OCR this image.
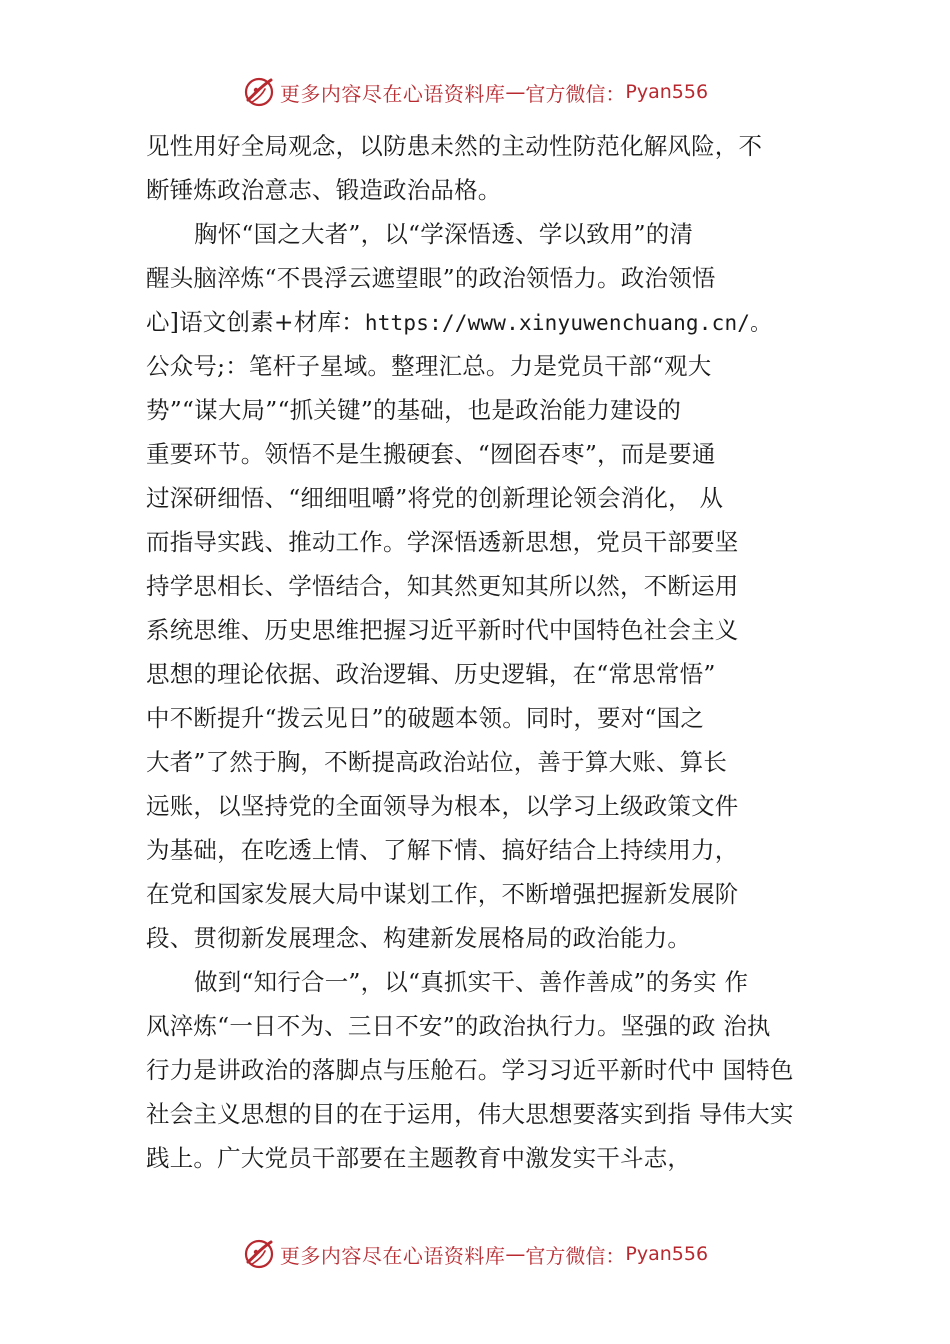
更多内容尽在心语资料库 — 官方微信： Pyan556
见性用好全局观念，以防患未然的主动性防范化解风险，不
断锤炼政治意志、锻造政治品格。
胸怀“国之大者”，以“学深悟透、学以致用”的清
醒头脑淬炼“不畏浮云遮望眼”的政治领悟力。政治领悟
心]语文创素+材库：https://www.xinyuwenchuang.cn/。
公众号;：笔杆子星域。整理汇总。力是党员干部“观大
势”“谋大局”“抓关键”的基础，也是政治能力建设的
重要环节。领悟不是生搬硬套、“囫囵吞枣”，而是要通
过深研细悟、“细细咀嚼”将党的创新理论领会消化， 从
而指导实践、推动工作。学深悟透新思想，党员干部要坚
持学思相长、学悟结合，知其然更知其所以然，不断运用
系统思维、历史思维把握习近平新时代中国特色社会主义
思想的理论依据、政治逻辑、历史逻辑，在“常思常悟”
中不断提升“拨云见日”的破题本领。同时，要对“国之
大者”了然于胸，不断提高政治站位，善于算大账、算长
远账，以坚持党的全面领导为根本，以学习上级政策文件
为基础，在吃透上情、了解下情、搞好结合上持续用力，
在党和国家发展大局中谋划工作，不断增强把握新发展阶
段、贯彻新发展理念、构建新发展格局的政治能力。
做到“知行合一”，以“真抓实干、善作善成”的务实 作
风淬炼“一日不为、三日不安”的政治执行力。坚强的政 治执
行力是讲政治的落脚点与压舱石。学习习近平新时代中 国特色
社会主义思想的目的在于运用，伟大思想要落实到指 导伟大实
践上。广大党员干部要在主题教育中激发实干斗志，
更多内容尽在心语资料库 — 官方微信： Pyan556
